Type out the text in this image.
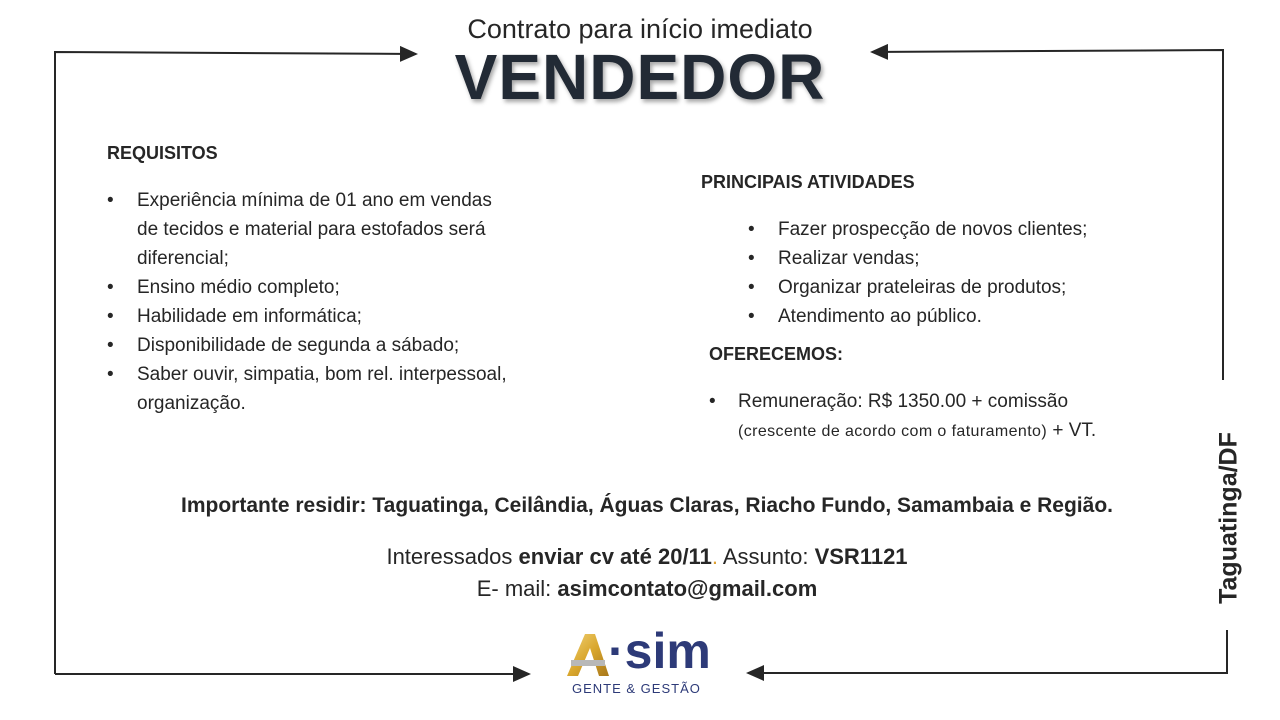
Contrato para início imediato
VENDEDOR
REQUISITOS
• Experiência mínima de 01 ano em vendas de tecidos e material para estofados será diferencial;
• Ensino médio completo;
• Habilidade em informática;
• Disponibilidade de segunda a sábado;
• Saber ouvir, simpatia, bom rel. interpessoal, organização.
PRINCIPAIS ATIVIDADES
• Fazer prospecção de novos clientes;
• Realizar vendas;
• Organizar prateleiras de produtos;
• Atendimento ao público.
OFERECEMOS:
• Remuneração: R$ 1350.00 + comissão
(crescente de acordo com o faturamento) + VT.
Importante residir: Taguatinga, Ceilândia, Águas Claras, Riacho Fundo, Samambaia e Região.
Interessados enviar cv até 20/11. Assunto: VSR1121
E- mail: asimcontato@gmail.com	Taguatinga/DF
·sim
GENTE & GESTÃO
